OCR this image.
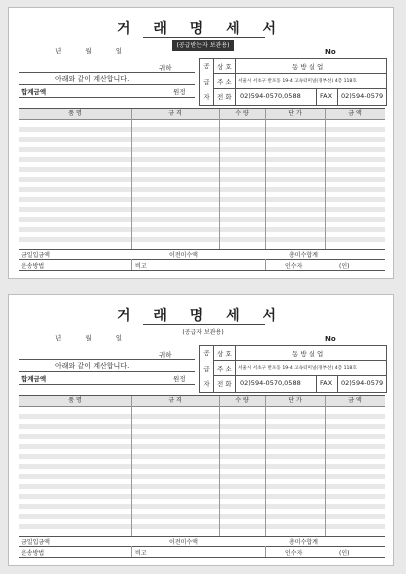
거 래 명 세 서
(공급받는자 보관용)
년 월 일	No
귀하
아래와 같이 계산합니다.
합계금액	원정
공
급
자
상 호	동 방 실 업
주 소 서울시 서초구 반포동 19-4 고속터미널(경부선) 4층 118호
전 화 02)594-0570,0588	FAX 02)594-0579
품 명	규 격	수 량	단 가	금 액
금일입금액	이전미수액	총미수합계
운송방법	비고	인수자	(인)
거 래 명 세 서
(공급자 보관용)
년 월 일	No
귀하
아래와 같이 계산합니다.
합계금액	원정
공
급
자
상 호	동 방 실 업
주 소 서울시 서초구 반포동 19-4 고속터미널(경부선) 4층 118호
전 화 02)594-0570,0588	FAX 02)594-0579
품 명	규 격	수 량	단 가	금 액
금일입금액	이전미수액	총미수합계
운송방법	비고	인수자	(인)
